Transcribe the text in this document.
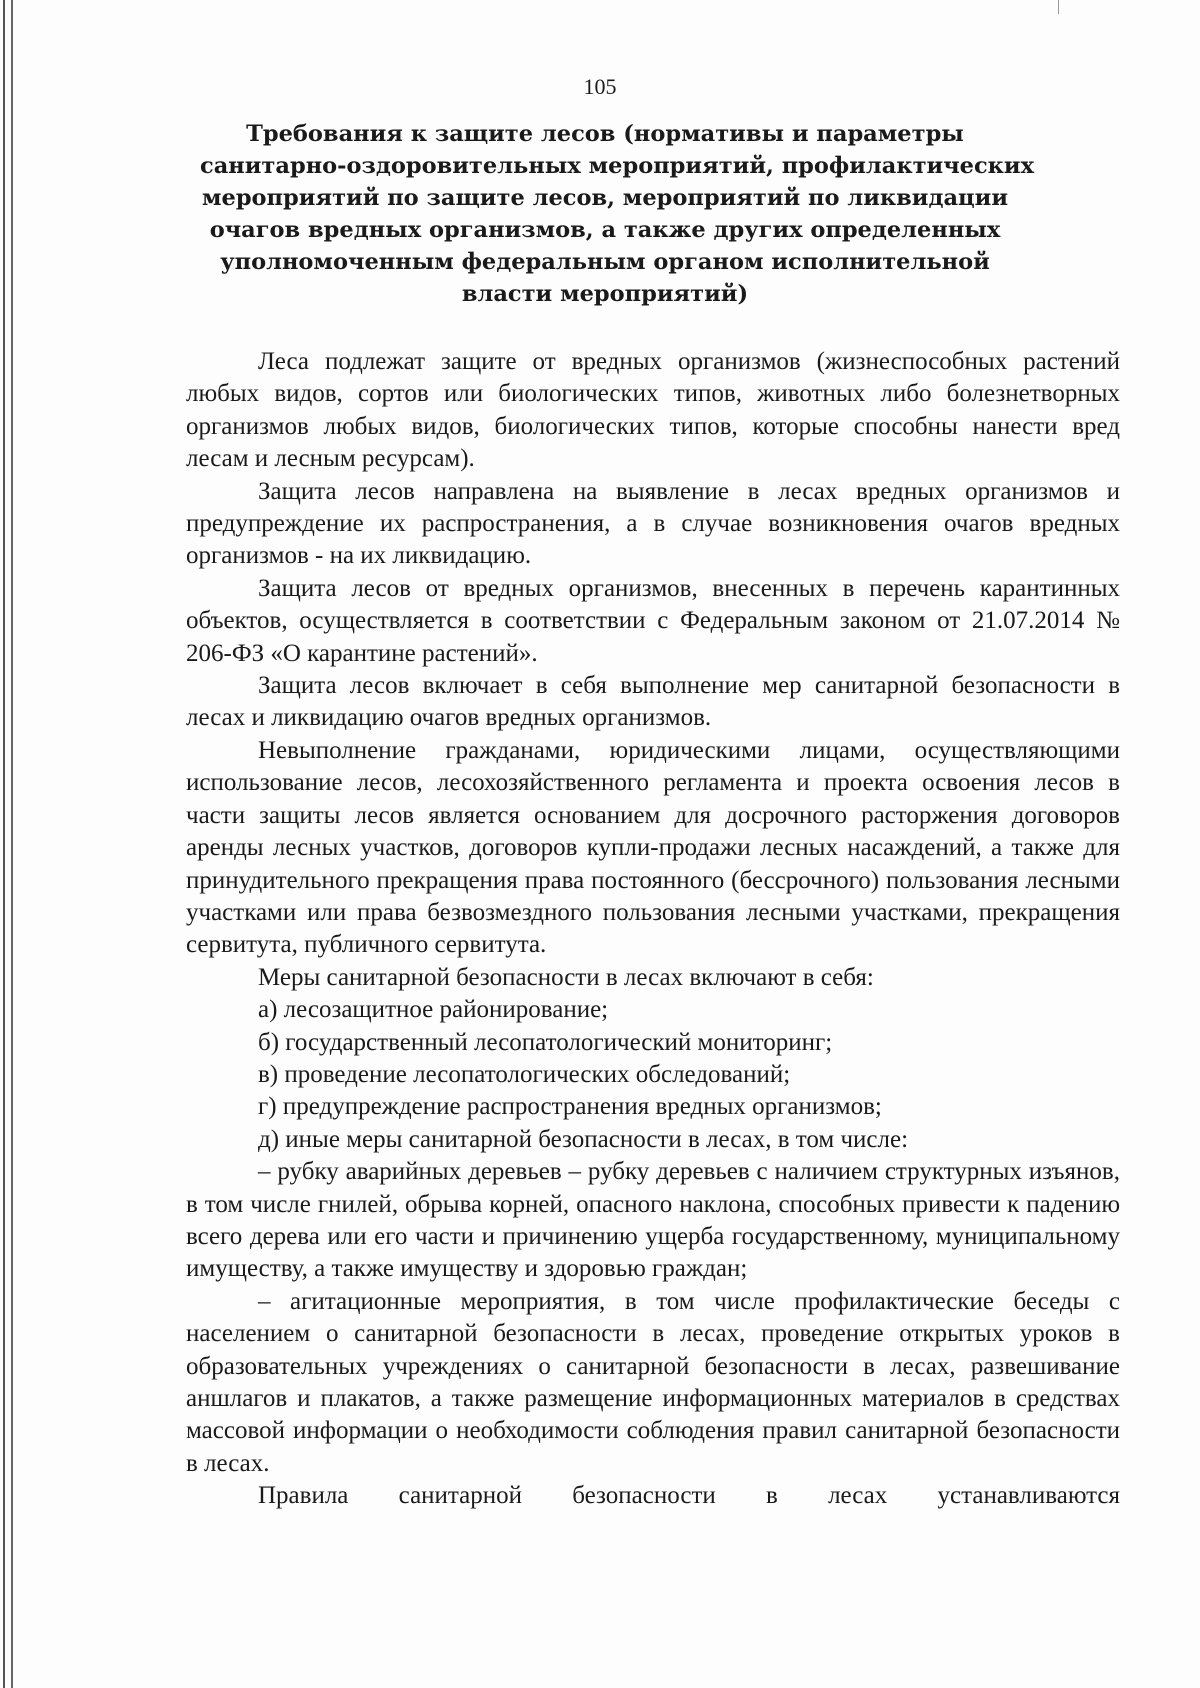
105
Требования к защите лесов (нормативы и параметры
санитарно-оздоровительных мероприятий, профилактических
мероприятий по защите лесов, мероприятий по ликвидации
очагов вредных организмов, а также других определенных
уполномоченным федеральным органом исполнительной
власти мероприятий)

Леса подлежат защите от вредных организмов (жизнеспособных растений любых видов, сортов или биологических типов, животных либо болезнетворных организмов любых видов, биологических типов, которые способны нанести вред лесам и лесным ресурсам).

Защита лесов направлена на выявление в лесах вредных организмов и предупреждение их распространения, а в случае возникновения очагов вредных организмов - на их ликвидацию.

Защита лесов от вредных организмов, внесенных в перечень карантинных объектов, осуществляется в соответствии с Федеральным законом от 21.07.2014 № 206-ФЗ «О карантине растений».

Защита лесов включает в себя выполнение мер санитарной безопасности в лесах и ликвидацию очагов вредных организмов.

Невыполнение гражданами, юридическими лицами, осуществляющими использование лесов, лесохозяйственного регламента и проекта освоения лесов в части защиты лесов является основанием для досрочного расторжения договоров аренды лесных участков, договоров купли-продажи лесных насаждений, а также для принудительного прекращения права постоянного (бессрочного) пользования лесными участками или права безвозмездного пользования лесными участками, прекращения сервитута, публичного сервитута.

Меры санитарной безопасности в лесах включают в себя:

а) лесозащитное районирование;

б) государственный лесопатологический мониторинг;

в) проведение лесопатологических обследований;

г) предупреждение распространения вредных организмов;

д) иные меры санитарной безопасности в лесах, в том числе:

– рубку аварийных деревьев – рубку деревьев с наличием структурных изъянов, в том числе гнилей, обрыва корней, опасного наклона, способных привести к падению всего дерева или его части и причинению ущерба государственному, муниципальному имуществу, а также имуществу и здоровью граждан;

– агитационные мероприятия, в том числе профилактические беседы с населением о санитарной безопасности в лесах, проведение открытых уроков в образовательных учреждениях о санитарной безопасности в лесах, развешивание аншлагов и плакатов, а также размещение информационных материалов в средствах массовой информации о необходимости соблюдения правил санитарной безопасности в лесах.

Правила санитарной безопасности в лесах устанавливаются
